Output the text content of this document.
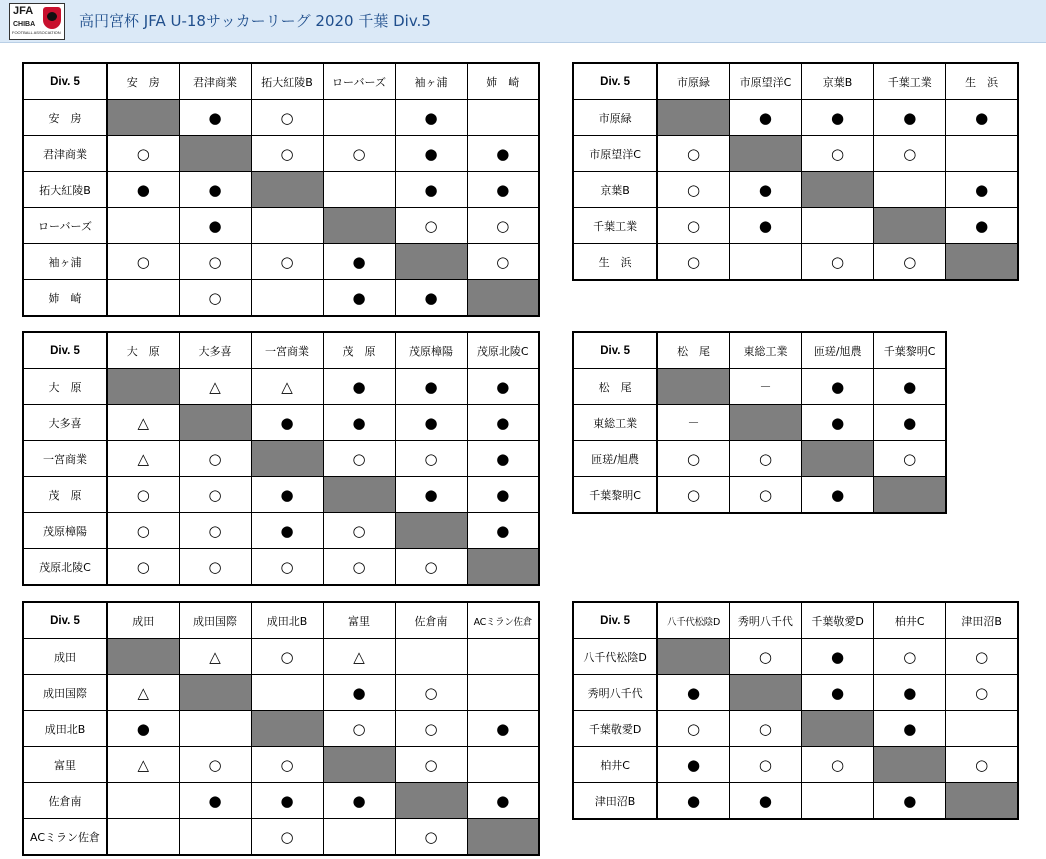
JFA
CHIBA
FOOTBALL ASSOCIATION
高円宮杯 JFA U-18サッカーリーグ 2020 千葉 Div.5
Div. 5	安　房	君津商業	拓大紅陵B	ローバーズ	袖ヶ浦	姉　崎
安　房		●	○		●	
君津商業	○		○	○	●	●
拓大紅陵B	●	●			●	●
ローバーズ		●			○	○
袖ヶ浦	○	○	○	●		○
姉　崎		○		●	●	
Div. 5	市原緑	市原望洋C	京葉B	千葉工業	生　浜
市原緑		●	●	●	●
市原望洋C	○		○	○	
京葉B	○	●			●
千葉工業	○	●			●
生　浜	○		○	○	
Div. 5	大　原	大多喜	一宮商業	茂　原	茂原樟陽	茂原北陵C
大　原		△	△	●	●	●
大多喜	△		●	●	●	●
一宮商業	△	○		○	○	●
茂　原	○	○	●		●	●
茂原樟陽	○	○	●	○		●
茂原北陵C	○	○	○	○	○	
Div. 5	松　尾	東総工業	匝瑳/旭農	千葉黎明C
松　尾		－	●	●
東総工業	－		●	●
匝瑳/旭農	○	○		○
千葉黎明C	○	○	●	
Div. 5	成田	成田国際	成田北B	富里	佐倉南	ACミラン佐倉
成田		△	○	△		
成田国際	△			●	○	
成田北B	●			○	○	●
富里	△	○	○		○	
佐倉南		●	●	●		●
ACミラン佐倉			○		○	
Div. 5	八千代松陰D	秀明八千代	千葉敬愛D	柏井C	津田沼B
八千代松陰D		○	●	○	○
秀明八千代	●		●	●	○
千葉敬愛D	○	○		●	
柏井C	●	○	○		○
津田沼B	●	●		●	
